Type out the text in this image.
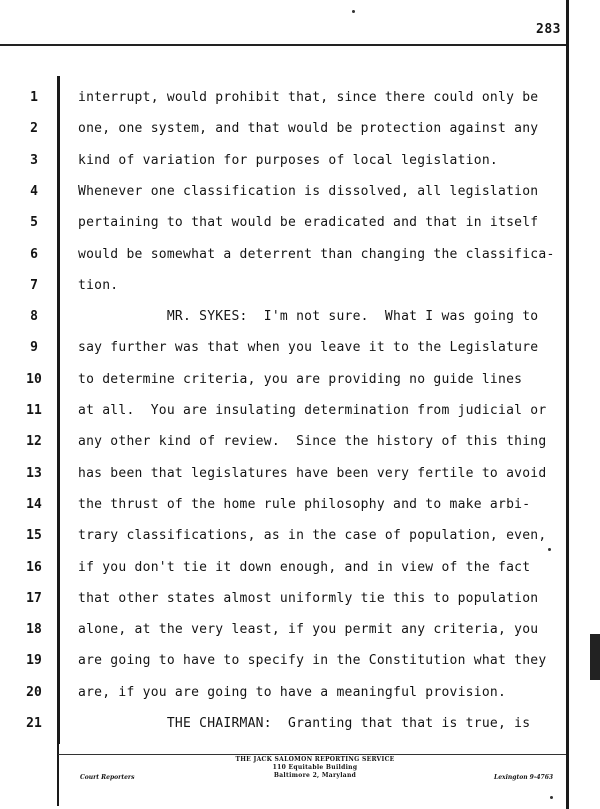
283
1	interrupt, would prohibit that, since there could only be
2	one, one system, and that would be protection against any
3	kind of variation for purposes of local legislation.
4	Whenever one classification is dissolved, all legislation
5	pertaining to that would be eradicated and that in itself
6	would be somewhat a deterrent than changing the classifica-
7	tion.
8	MR. SYKES:  I'm not sure.  What I was going to
9	say further was that when you leave it to the Legislature
10	to determine criteria, you are providing no guide lines
11	at all.  You are insulating determination from judicial or
12	any other kind of review.  Since the history of this thing
13	has been that legislatures have been very fertile to avoid
14	the thrust of the home rule philosophy and to make arbi-
15	trary classifications, as in the case of population, even,
16	if you don't tie it down enough, and in view of the fact
17	that other states almost uniformly tie this to population
18	alone, at the very least, if you permit any criteria, you
19	are going to have to specify in the Constitution what they
20	are, if you are going to have a meaningful provision.
21	THE CHAIRMAN:  Granting that that is true, is
THE JACK SALOMON REPORTING SERVICE
110 Equitable Building
Baltimore 2, Maryland
Court Reporters	Lexington 9-4763
